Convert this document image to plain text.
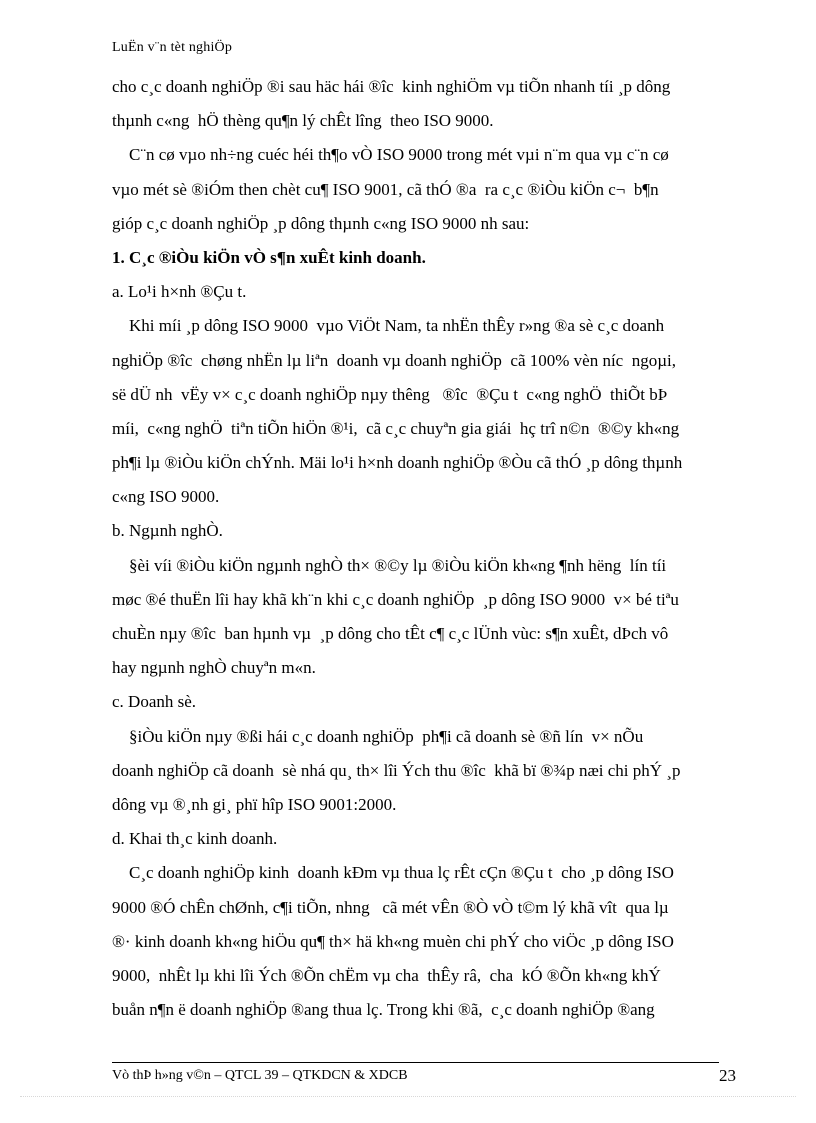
LuËn v¨n tèt nghiÖp
cho c¸c doanh nghiÖp ®i sau häc hái ®îc  kinh nghiÖm vµ tiÕn nhanh tíi ¸p dông
thµnh c«ng  hÖ thèng qu¶n lý chÊt lîng  theo ISO 9000.
C¨n cø vµo nh÷ng cuéc héi th¶o vÒ ISO 9000 trong mét vµi n¨m qua vµ c¨n cø
vµo mét sè ®iÓm then chèt cu¶ ISO 9001, cã thÓ ®a  ra c¸c ®iÒu kiÖn c¬  b¶n
gióp c¸c doanh nghiÖp ¸p dông thµnh c«ng ISO 9000 nh sau:
1. C¸c ®iÒu kiÖn vÒ s¶n xuÊt kinh doanh.
a. Lo¹i h×nh ®Çu t.
Khi míi ¸p dông ISO 9000  vµo ViÖt Nam, ta nhËn thÊy r»ng ®a sè c¸c doanh
nghiÖp ®îc  chøng nhËn lµ liªn  doanh vµ doanh nghiÖp  cã 100% vèn níc  ngoµi,
së dÜ nh  vËy v× c¸c doanh nghiÖp nµy thêng   ®îc  ®Çu t  c«ng nghÖ  thiÕt bÞ
míi,  c«ng nghÖ  tiªn tiÕn hiÖn ®¹i,  cã c¸c chuyªn gia giái  hç trî n©n  ®©y kh«ng
ph¶i lµ ®iÒu kiÖn chÝnh. Mäi lo¹i h×nh doanh nghiÖp ®Òu cã thÓ ¸p dông thµnh
c«ng ISO 9000.
b. Ngµnh nghÒ.
§èi víi ®iÒu kiÖn ngµnh nghÒ th× ®©y lµ ®iÒu kiÖn kh«ng ¶nh hëng  lín tíi
møc ®é thuËn lîi hay khã kh¨n khi c¸c doanh nghiÖp  ¸p dông ISO 9000  v× bé tiªu
chuÈn nµy ®îc  ban hµnh vµ  ¸p dông cho tÊt c¶ c¸c lÜnh vùc: s¶n xuÊt, dÞch vô
hay ngµnh nghÒ chuyªn m«n.
c. Doanh sè.
§iÒu kiÖn nµy ®ßi hái c¸c doanh nghiÖp  ph¶i cã doanh sè ®ñ lín  v× nÕu
doanh nghiÖp cã doanh  sè nhá qu¸ th× lîi Ých thu ®îc  khã bï ®¾p næi chi phÝ ¸p
dông vµ ®¸nh gi¸ phï hîp ISO 9001:2000.
d. Khai th¸c kinh doanh.
C¸c doanh nghiÖp kinh  doanh kÐm vµ thua lç rÊt cÇn ®Çu t  cho ¸p dông ISO
9000 ®Ó chÊn chØnh, c¶i tiÕn, nhng   cã mét vÊn ®Ò vÒ t©m lý khã vît  qua lµ
®· kinh doanh kh«ng hiÖu qu¶ th× hä kh«ng muèn chi phÝ cho viÖc ¸p dông ISO
9000,  nhÊt lµ khi lîi Ých ®Õn chËm vµ cha  thÊy râ,  cha  kÓ ®Õn kh«ng khÝ
buån n¶n ë doanh nghiÖp ®ang thua lç. Trong khi ®ã,  c¸c doanh nghiÖp ®ang
Vò thÞ h»ng v©n – QTCL 39 – QTKDCN & XDCB	23
